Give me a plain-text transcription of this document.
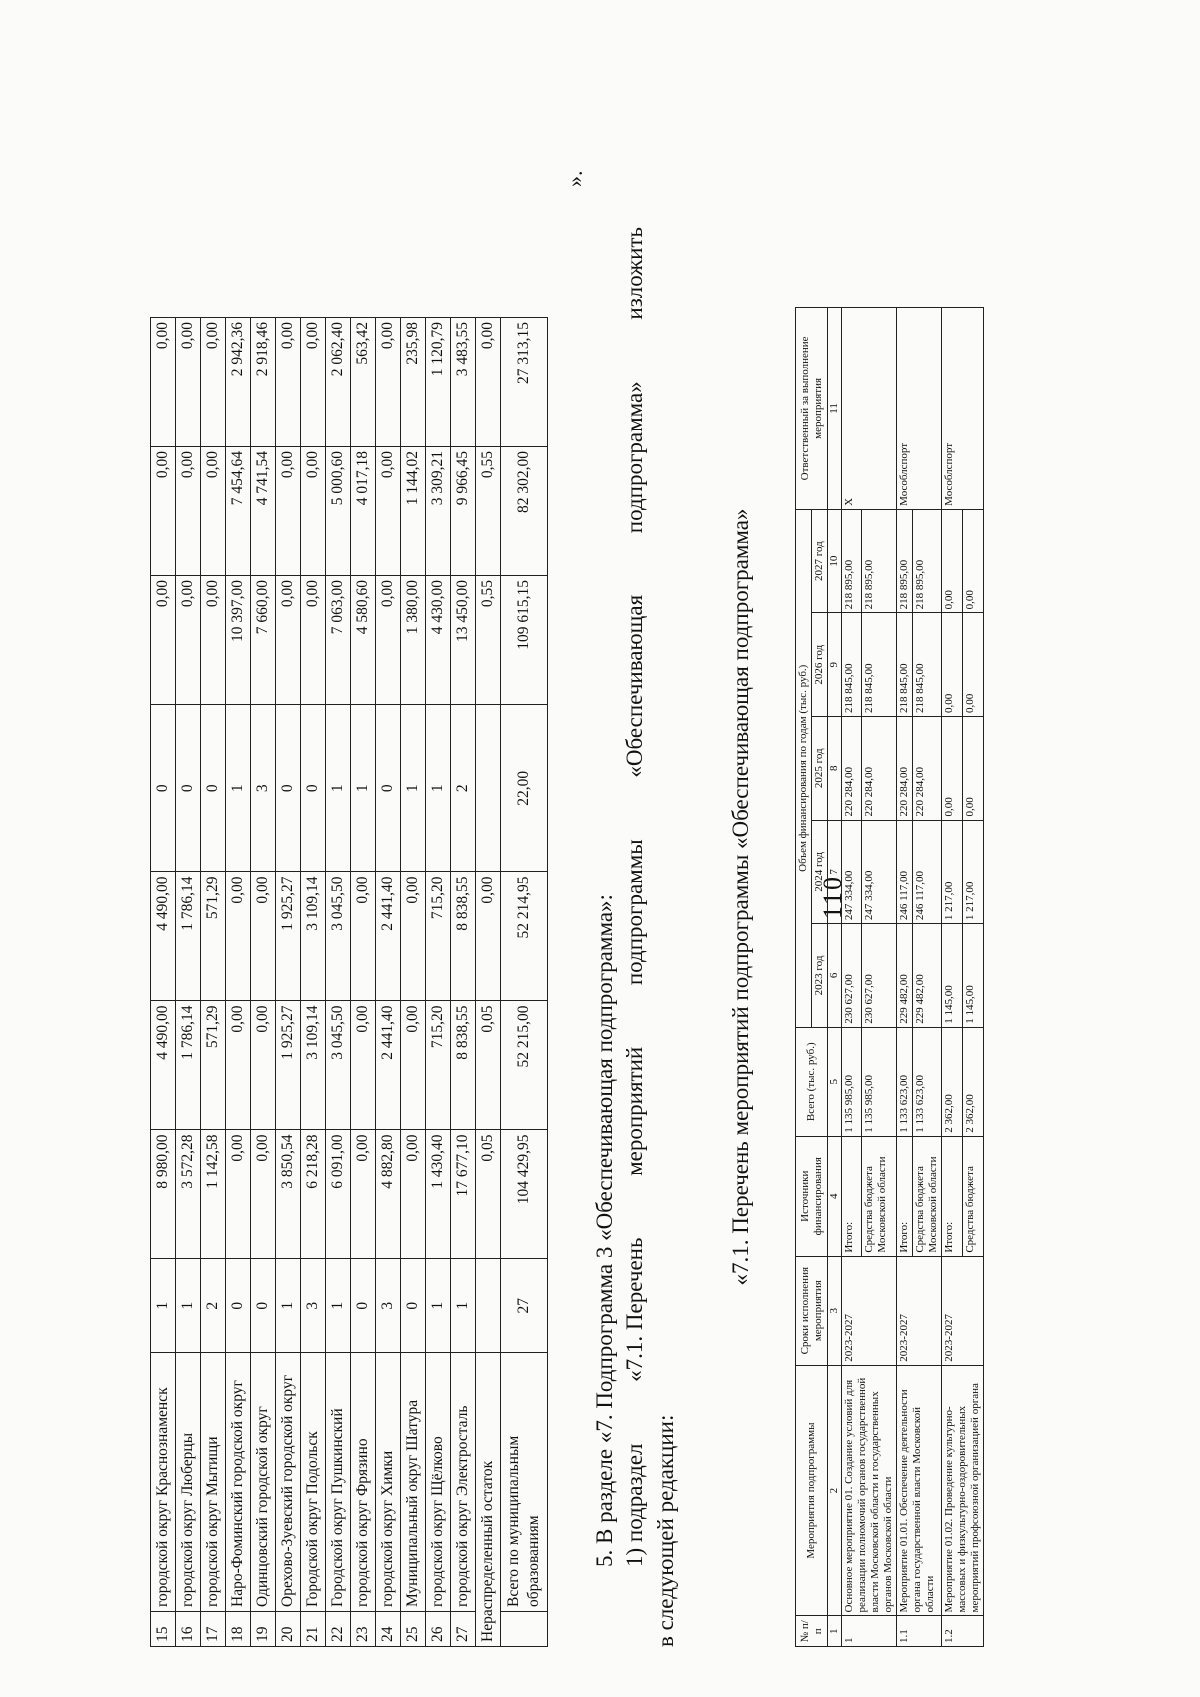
15	городской округ Краснознаменск	1	8 980,00	4 490,00	4 490,00	0	0,00	0,00	0,00
16	городской округ Люберцы	1	3 572,28	1 786,14	1 786,14	0	0,00	0,00	0,00
17	городской округ Мытищи	2	1 142,58	571,29	571,29	0	0,00	0,00	0,00
18	Наро-Фоминский городской округ	0	0,00	0,00	0,00	1	10 397,00	7 454,64	2 942,36
19	Одинцовский городской округ	0	0,00	0,00	0,00	3	7 660,00	4 741,54	2 918,46
20	Орехово-Зуевский городской округ	1	3 850,54	1 925,27	1 925,27	0	0,00	0,00	0,00
21	Городской округ Подольск	3	6 218,28	3 109,14	3 109,14	0	0,00	0,00	0,00
22	Городской округ Пушкинский	1	6 091,00	3 045,50	3 045,50	1	7 063,00	5 000,60	2 062,40
23	городской округ Фрязино	0	0,00	0,00	0,00	1	4 580,60	4 017,18	563,42
24	городской округ Химки	3	4 882,80	2 441,40	2 441,40	0	0,00	0,00	0,00
25	Муниципальный округ Шатура	0	0,00	0,00	0,00	1	1 380,00	1 144,02	235,98
26	городской округ Щёлково	1	1 430,40	715,20	715,20	1	4 430,00	3 309,21	1 120,79
27	городской округ Электросталь	1	17 677,10	8 838,55	8 838,55	2	13 450,00	9 966,45	3 483,55
Нераспределенный остаток			0,05	0,05	0,00		0,55	0,55	0,00
	Всего по муниципальным образованиям	27	104 429,95	52 215,00	52 214,95	22,00	109 615,15	82 302,00	27 313,15
».
110
5. В разделе «7. Подпрограмма 3 «Обеспечивающая подпрограмма»: 1) подраздел
«7.1. Перечень
мероприятий
подпрограммы
«Обеспечивающая
подпрограмма»
изложить
в следующей редакции:
«7.1. Перечень мероприятий подпрограммы «Обеспечивающая подпрограмма»
№ п/п	Мероприятия подпрограммы	Сроки исполнения мероприятия	Источники финансирования	Всего (тыс. руб.)	Объем финансирования по годам (тыс. руб.)					Ответственный за выполнение мероприятия
					2023 год	2024 год	2025 год	2026 год	2027 год	
1	2	3	4	5	6	7	8	9	10	11
1	Основное мероприятие 01. Создание условий для реализации полномочий органов государственной власти Московской области и государственных органов Московской области	2023-2027	Итого:	1 135 985,00	230 627,00	247 334,00	220 284,00	218 845,00	218 895,00	X
			Средства бюджета Московской области	1 135 985,00	230 627,00	247 334,00	220 284,00	218 845,00	218 895,00	
1.1	Мероприятие 01.01. Обеспечение деятельности органа государственной власти Московской области	2023-2027	Итого:	1 133 623,00	229 482,00	246 117,00	220 284,00	218 845,00	218 895,00	Мособлспорт
			Средства бюджета Московской области	1 133 623,00	229 482,00	246 117,00	220 284,00	218 845,00	218 895,00	
1.2	Мероприятие 01.02. Проведение культурно-массовых и физкультурно-оздоровительных мероприятий профсоюзной организацией органа	2023-2027	Итого:	2 362,00	1 145,00	1 217,00	0,00	0,00	0,00	Мособлспорт
			Средства бюджета	2 362,00	1 145,00	1 217,00	0,00	0,00	0,00	
